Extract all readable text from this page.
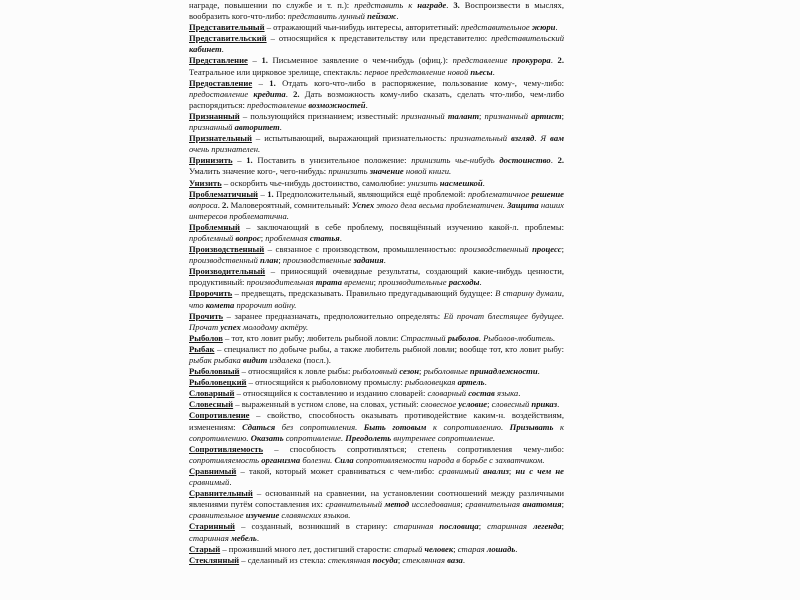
награде, повышении по службе и т. п.): представить к награде. 3. Воспроизвести в мыслях, вообразить кого-что-либо: представить лунный пейзаж.

Представительный – отражающий чьи-нибудь интересы, авторитетный: представительное жюри.

Представительский – относящийся к представительству или представителю: представительский кабинет.

Представление – 1. Письменное заявление о чем-нибудь (офиц.): представление прокурора. 2. Театральное или цирковое зрелище, спектакль: первое представление новой пьесы.

Предоставление – 1. Отдать кого-что-либо в распоряжение, пользование кому-, чему-либо: предоставление кредита. 2. Дать возможность кому-либо сказать, сделать что-либо, чем-либо распорядиться: предоставление возможностей.

Признанный – пользующийся признанием; известный: признанный талант; признанный артист; признанный авторитет.

Признательный – испытывающий, выражающий признательность: признательный взгляд. Я вам очень признателен.

Принизить – 1. Поставить в унизительное положение: принизить чье-нибудь достоинство. 2. Умалить значение кого-, чего-нибудь: принизить значение новой книги.

Унизить – оскорбить чье-нибудь достоинство, самолюбие: унизить насмешкой.

Проблематичный – 1. Предположительный, являющийся ещё проблемой: проблематичное решение вопроса. 2. Маловероятный, сомнительный: Успех этого дела весьма проблематичен. Защита наших интересов проблематична.

Проблемный – заключающий в себе проблему, посвящённый изучению какой-л. проблемы: проблемный вопрос; проблемная статья.

Производственный – связанное с производством, промышленностью: производственный процесс; производственный план; производственные задания.

Производительный – приносящий очевидные результаты, создающий какие-нибудь ценности, продуктивный: производительная трата времени; производительные расходы.

Пророчить – предвещать, предсказывать. Правильно предугадывающий будущее: В старину думали, что комета пророчит войну.

Прочить – заранее предназначать, предположительно определять: Ей прочат блестящее будущее. Прочат успех молодому актёру.

Рыболов – тот, кто ловит рыбу; любитель рыбной ловли: Страстный рыболов. Рыболов-любитель.

Рыбак – специалист по добыче рыбы, а также любитель рыбной ловли; вообще тот, кто ловит рыбу: рыбак рыбака видит издалека (посл.).

Рыболовный – относящийся к ловле рыбы: рыболовный сезон; рыболовные принадлежности.

Рыболовецкий – относящийся к рыболовному промыслу: рыболовецкая артель.

Словарный – относящийся к составлению и изданию словарей: словарный состав языка.

Словесный – выраженный в устном слове, на словах, устный: словесное условие; словесный приказ.

Сопротивление – свойство, способность оказывать противодействие каким-н. воздействиям, изменениям: Сдаться без сопротивления. Быть готовым к сопротивлению. Призывать к сопротивлению. Оказать сопротивление. Преодолеть внутреннее сопротивление.

Сопротивляемость – способность сопротивляться; степень сопротивления чему-либо: сопротивляемость организма болезни. Сила сопротивляемости народа в борьбе с захватчиком.

Сравнимый – такой, который может сравниваться с чем-либо: сравнимый анализ; ни с чем не сравнимый.

Сравнительный – основанный на сравнении, на установлении соотношений между различными явлениями путём сопоставления их: сравнительный метод исследования; сравнительная анатомия; сравнительное изучение славянских языков.

Старинный – созданный, возникший в старину: старинная пословица; старинная легенда; старинная мебель.

Старый – проживший много лет, достигший старости: старый человек; старая лошадь.

Стеклянный – сделанный из стекла: стеклянная посуда; стеклянная ваза.
